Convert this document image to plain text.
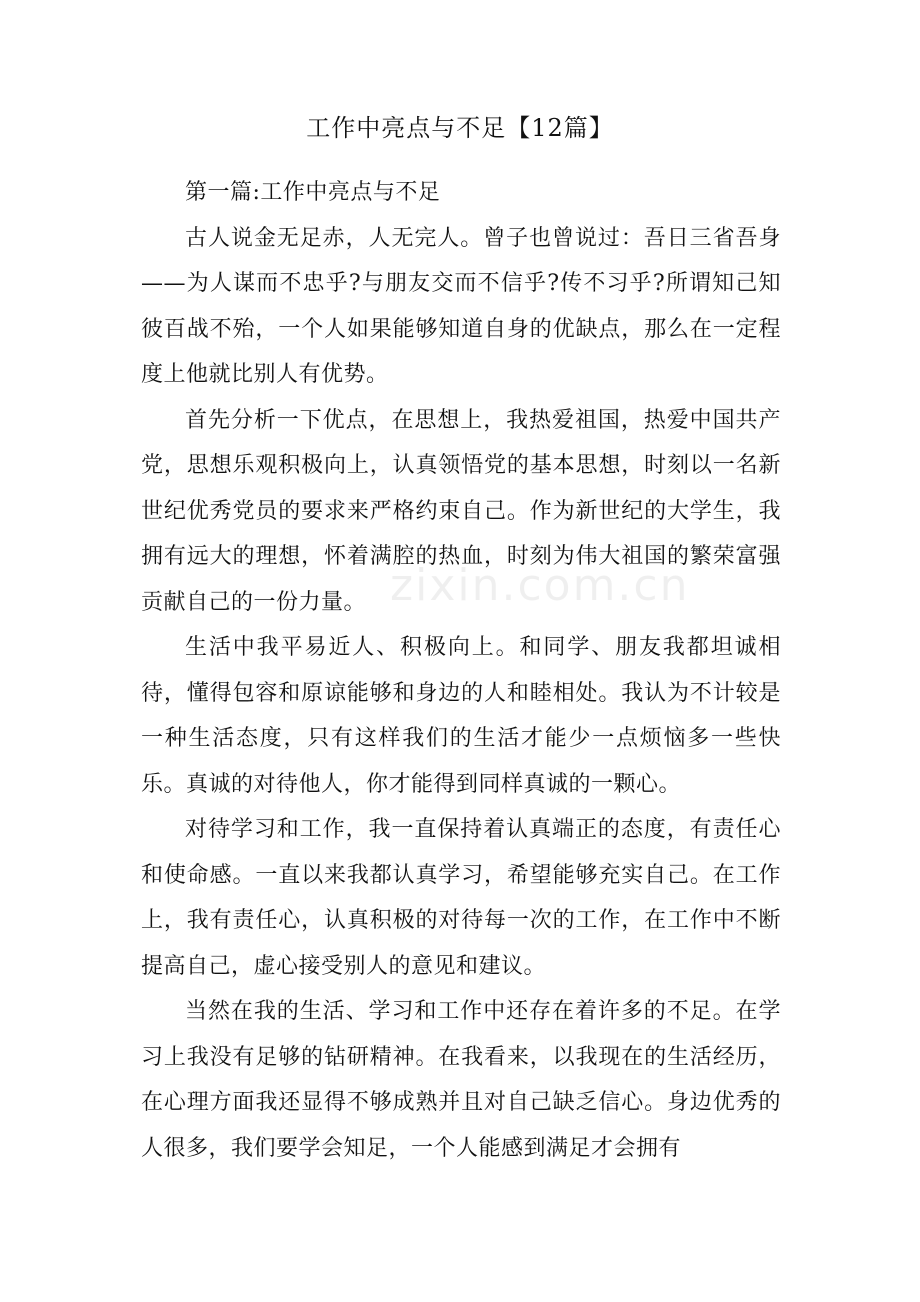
工作中亮点与不足【12篇】

第一篇:工作中亮点与不足

古人说金无足赤，人无完人。曾子也曾说过：吾日三省吾身——为人谋而不忠乎?与朋友交而不信乎?传不习乎?所谓知己知彼百战不殆，一个人如果能够知道自身的优缺点，那么在一定程度上他就比别人有优势。

首先分析一下优点，在思想上，我热爱祖国，热爱中国共产党，思想乐观积极向上，认真领悟党的基本思想，时刻以一名新世纪优秀党员的要求来严格约束自己。作为新世纪的大学生，我拥有远大的理想，怀着满腔的热血，时刻为伟大祖国的繁荣富强贡献自己的一份力量。

生活中我平易近人、积极向上。和同学、朋友我都坦诚相待，懂得包容和原谅能够和身边的人和睦相处。我认为不计较是一种生活态度，只有这样我们的生活才能少一点烦恼多一些快乐。真诚的对待他人，你才能得到同样真诚的一颗心。

对待学习和工作，我一直保持着认真端正的态度，有责任心和使命感。一直以来我都认真学习，希望能够充实自己。在工作上，我有责任心，认真积极的对待每一次的工作，在工作中不断提高自己，虚心接受别人的意见和建议。

当然在我的生活、学习和工作中还存在着许多的不足。在学习上我没有足够的钻研精神。在我看来，以我现在的生活经历，在心理方面我还显得不够成熟并且对自己缺乏信心。身边优秀的人很多，我们要学会知足，一个人能感到满足才会拥有

zixin.com.cn
